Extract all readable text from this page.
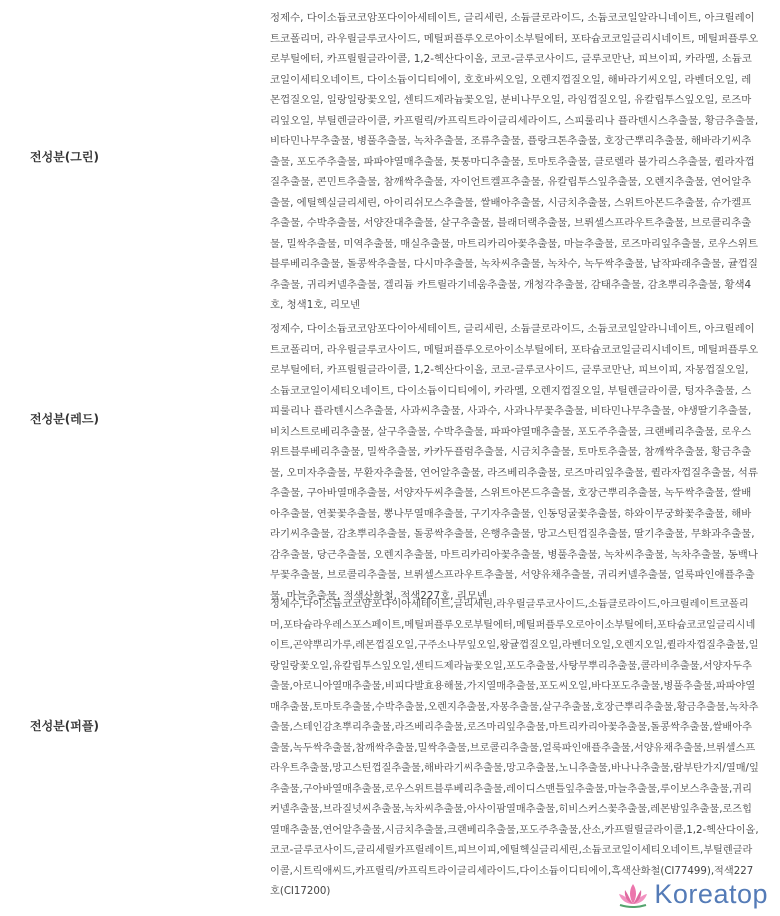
전성분(그린)

정제수, 다이소듐코코암포다이아세테이트, 글리세린, 소듐클로라이드, 소듐코코일알라니네이트, 아크릴레이트코폴리머, 라우릴글루코사이드, 메틸퍼플루오로아이소부틸에터, 포타슘코코일글리시네이트, 메틸퍼플루오로부틸에터, 카프릴릴글라이콜, 1,2-헥산다이올, 코코-글루코사이드, 글루코만난, 피브이피, 카라멜, 소듐코코일이세티오네이트, 다이소듐이디티에이, 호호바씨오일, 오렌지껍질오일, 해바라기씨오일, 라벤더오일, 레몬껍질오일, 일랑일랑꽃오일, 센티드제라늄꽃오일, 분비나무오일, 라임껍질오일, 유칼립투스잎오일, 로즈마리잎오일, 부틸렌글라이콜, 카프릴릭/카프릭트라이글리세라이드, 스피룰리나 플라텐시스추출물, 황금추출물, 비타민나무추출물, 병풀추출물, 녹차추출물, 조류추출물, 플랑크톤추출물, 호장근뿌리추출물, 해바라기씨추출물, 포도주추출물, 파파야열매추출물, 톳통마디추출물, 토마토추출물, 클로렐라 불가리스추출물, 퀼라자껍질추출물, 콘민트추출물, 참깨싹추출물, 자이언트켈프추출물, 유칼립투스잎추출물, 오렌지추출물, 연어알추출물, 에틸헥실글리세린, 아이리쉬모스추출물, 쌀배아추출물, 시금치추출물, 스위트아몬드추출물, 슈가켈프추출물, 수박추출물, 서양잔대추출물, 살구추출물, 블래더랙추출물, 브뤼셀스프라우트추출물, 브로콜리추출물, 밀싹추출물, 미역추출물, 매실추출물, 마트리카리아꽃추출물, 마늘추출물, 로즈마리잎추출물, 로우스위트블루베리추출물, 돌콩싹추출물, 다시마추출물, 녹차씨추출물, 녹차수, 녹두싹추출물, 납작파래추출물, 귤껍질추출물, 귀리커넬추출물, 겔리듐 카트릴라기네움추출물, 개청각추출물, 감태추출물, 감초뿌리추출물, 황색4호, 청색1호, 리모넨

전성분(레드)

정제수, 다이소듐코코암포다이아세테이트, 글리세린, 소듐클로라이드, 소듐코코일알라니네이트, 아크릴레이트코폴리머, 라우릴글루코사이드, 메틸퍼플루오로아이소부틸에터, 포타슘코코일글리시네이트, 메틸퍼플루오로부틸에터, 카프릴릴글라이콜, 1,2-헥산다이올, 코코-글루코사이드, 글루코만난, 피브이피, 자몽껍질오일, 소듐코코일이세티오네이트, 다이소듐이디티에이, 카라멜, 오렌지껍질오일, 부틸렌글라이콜, 텅자추출물, 스피룰리나 플라텐시스추출물, 사과씨추출물, 사과수, 사과나무꽃추출물, 비타민나무추출물, 야생딸기추출물, 비치스트로베리추출물, 살구추출물, 수박추출물, 파파야열매추출물, 포도주추출물, 크랜베리추출물, 로우스위트블루베리추출물, 밀싹추출물, 카카두플럼추출물, 시금치추출물, 토마토추출물, 참깨싹추출물, 황금추출물, 오미자추출물, 무환자추출물, 연어알추출물, 라즈베리추출물, 로즈마리잎추출물, 퀼라자껍질추출물, 석류추출물, 구아바열매추출물, 서양자두씨추출물, 스위트아몬드추출물, 호장근뿌리추출물, 녹두싹추출물, 쌀배아추출물, 연꽃꽃추출물, 뽕나무열매추출물, 구기자추출물, 인동덩굴꽃추출물, 하와이무궁화꽃추출물, 해바라기씨추출물, 감초뿌리추출물, 돌콩싹추출물, 은행추출물, 망고스틴껍질추출물, 딸기추출물, 무화과추출물, 감추출물, 당근추출물, 오렌지추출물, 마트리카리아꽃추출물, 병풀추출물, 녹차씨추출물, 녹차추출물, 동백나무꽃추출물, 브로콜리추출물, 브뤼셀스프라우트추출물, 서양유채추출물, 귀리커넬추출물, 얼룩파인애플추출물, 마늘추출물, 적색산화철, 적색227호, 리모넨

전성분(퍼플)

정제수,다이소듐코코암포다이아세테이트,글리세린,라우릴글루코사이드,소듐클로라이드,아크릴레이트코폴리머,포타슘라우레스포스페이트,메틸퍼플루오로부틸에터,메틸퍼플루오로아이소부틸에터,포타슘코코일글리시네이트,곤약뿌리가루,레몬껍질오일,구주소나무잎오일,왕귤껍질오일,라벤더오일,오렌지오일,퀼라자껍질추출물,일랑일랑꽃오일,유칼립투스잎오일,센티드제라늄꽃오일,포도추출물,사탕무뿌리추출물,콜라비추출물,서양자두추출물,아로니아열매추출물,비피다발효용해물,가지열매추출물,포도씨오일,바다포도추출물,병풀추출물,파파야열매추출물,토마토추출물,수박추출물,오렌지추출물,자몽추출물,살구추출물,호장근뿌리추출물,황금추출물,녹차추출물,스테인감초뿌리추출물,라즈베리추출물,로즈마리잎추출물,마트리카리아꽃추출물,돌콩싹추출물,쌀배아추출물,녹두싹추출물,참깨싹추출물,밀싹추출물,브로콜리추출물,얼룩파인애플추출물,서양유채추출물,브뤼셀스프라우트추출물,망고스틴껍질추출물,해바라기씨추출물,망고추출물,노니추출물,바나나추출물,람부탄가지/열매/잎추출물,구아바열매추출물,로우스위트블루베리추출물,레이디스맨틀잎추출물,마늘추출물,루이보스추출물,귀리커넬추출물,브라질넛씨추출물,녹차씨추출물,아사이팜열매추출물,히비스커스꽃추출물,레몬밤잎추출물,로즈힙열매추출물,연어알추출물,시금치추출물,크랜베리추출물,포도주추출물,산소,카프릴릴글라이콜,1,2-헥산다이올,코코-글루코사이드,글리세릴카프릴레이트,피브이피,에틸헥실글리세린,소듐코코일이세티오네이트,부틸렌글라이콜,시트릭애씨드,카프릴릭/카프릭트라이글리세라이드,다이소듐이디티에이,흑색산화철(CI77499),적색227호(CI17200)	Koreatop
